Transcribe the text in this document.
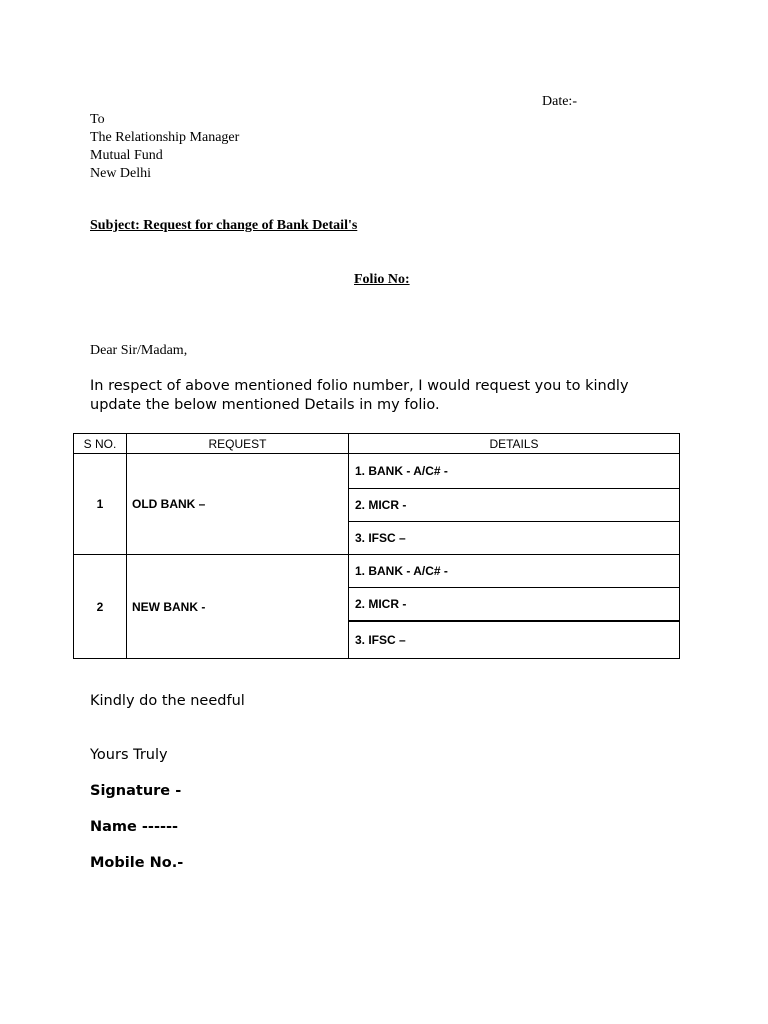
Date:-
To
The Relationship Manager
Mutual Fund
New Delhi
Subject: Request for change of Bank Detail's
Folio No:
Dear Sir/Madam,
In respect of above mentioned folio number, I would request you to kindly update the below mentioned Details in my folio.
S NO.	REQUEST	DETAILS
1	OLD BANK –	1. BANK - A/C# -
		2. MICR -
		3. IFSC –
2	NEW BANK -	1. BANK - A/C# -
		2. MICR -
		3. IFSC –
Kindly do the needful
Yours Truly
Signature -
Name ------
Mobile No.-
